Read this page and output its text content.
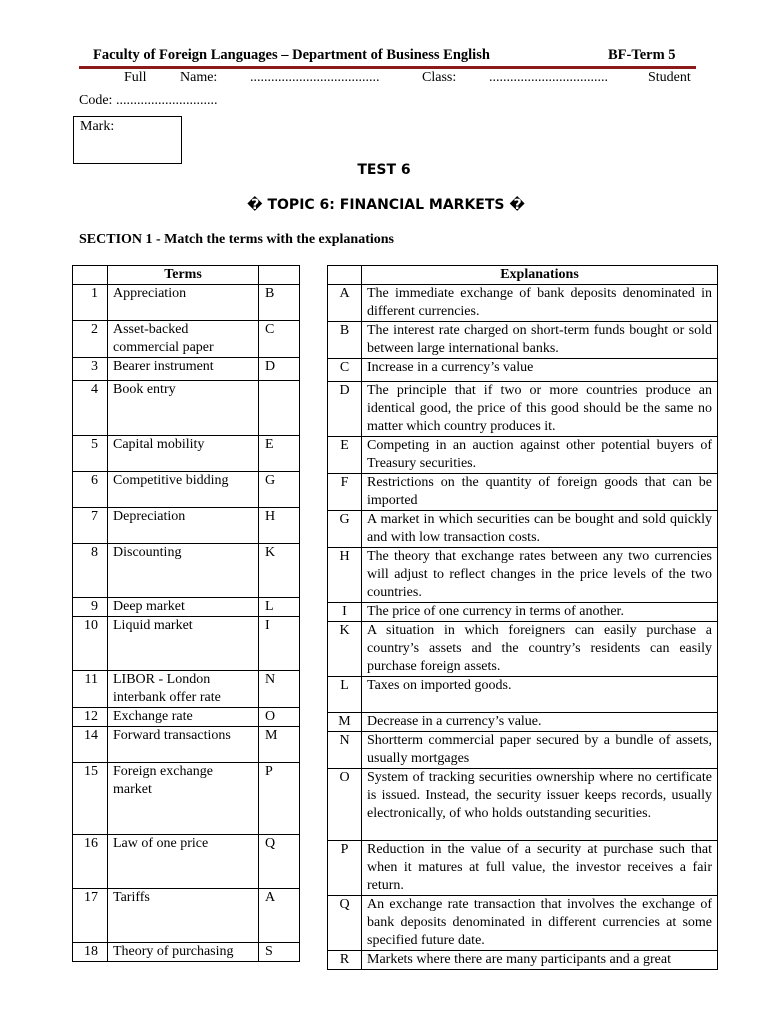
Faculty of Foreign Languages – Department of Business English	BF-Term 5
Full Name: .....................................	Class: ..................................	Student
Code: .............................
Mark:
TEST 6
� TOPIC 6: FINANCIAL MARKETS �
SECTION 1 - Match the terms with the explanations
	Terms	
1	Appreciation	B
2	Asset-backed commercial paper	C
3	Bearer instrument	D
4	Book entry	
5	Capital mobility	E
6	Competitive bidding	G
7	Depreciation	H
8	Discounting	K
9	Deep market	L
10	Liquid market	I
11	LIBOR - London interbank offer rate	N
12	Exchange rate	O
14	Forward transactions	M
15	Foreign exchange market	P
16	Law of one price	Q
17	Tariffs	A
18	Theory of purchasing	S
	Explanations
A	The immediate exchange of bank deposits denominated in different currencies.
B	The interest rate charged on short-term funds bought or sold between large international banks.
C	Increase in a currency’s value
D	The principle that if two or more countries produce an identical good, the price of this good should be the same no matter which country produces it.
E	Competing in an auction against other potential buyers of Treasury securities.
F	Restrictions on the quantity of foreign goods that can be imported
G	A market in which securities can be bought and sold quickly and with low transaction costs.
H	The theory that exchange rates between any two currencies will adjust to reflect changes in the price levels of the two countries.
I	The price of one currency in terms of another.
K	A situation in which foreigners can easily purchase a country’s assets and the country’s residents can easily purchase foreign assets.
L	Taxes on imported goods.
M	Decrease in a currency’s value.
N	Shortterm commercial paper secured by a bundle of assets, usually mortgages
O	System of tracking securities ownership where no certificate is issued. Instead, the security issuer keeps records, usually electronically, of who holds outstanding securities.
P	Reduction in the value of a security at purchase such that when it matures at full value, the investor receives a fair return.
Q	An exchange rate transaction that involves the exchange of bank deposits denominated in different currencies at some specified future date.
R	Markets where there are many participants and a great
